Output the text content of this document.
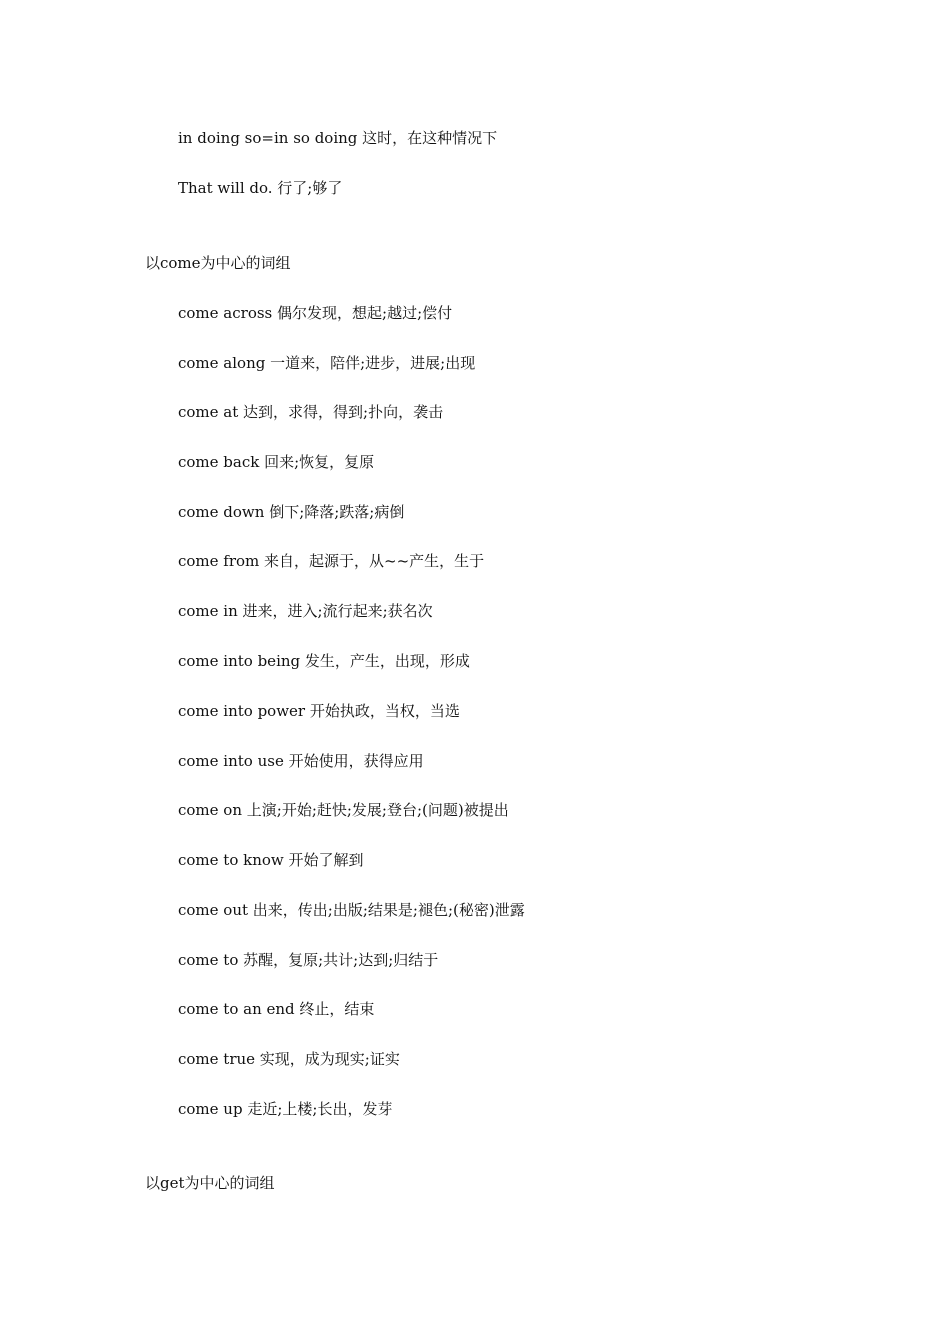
in doing so=in so doing 这时，在这种情况下
That will do. 行了;够了
以come为中心的词组
come across 偶尔发现，想起;越过;偿付
come along 一道来，陪伴;进步，进展;出现
come at 达到，求得，得到;扑向，袭击
come back 回来;恢复，复原
come down 倒下;降落;跌落;病倒
come from 来自，起源于，从~~产生，生于
come in 进来，进入;流行起来;获名次
come into being 发生，产生，出现，形成
come into power 开始执政，当权，当选
come into use 开始使用，获得应用
come on 上演;开始;赶快;发展;登台;(问题)被提出
come to know 开始了解到
come out 出来，传出;出版;结果是;褪色;(秘密)泄露
come to 苏醒，复原;共计;达到;归结于
come to an end 终止，结束
come true 实现，成为现实;证实
come up 走近;上楼;长出，发芽
以get为中心的词组
